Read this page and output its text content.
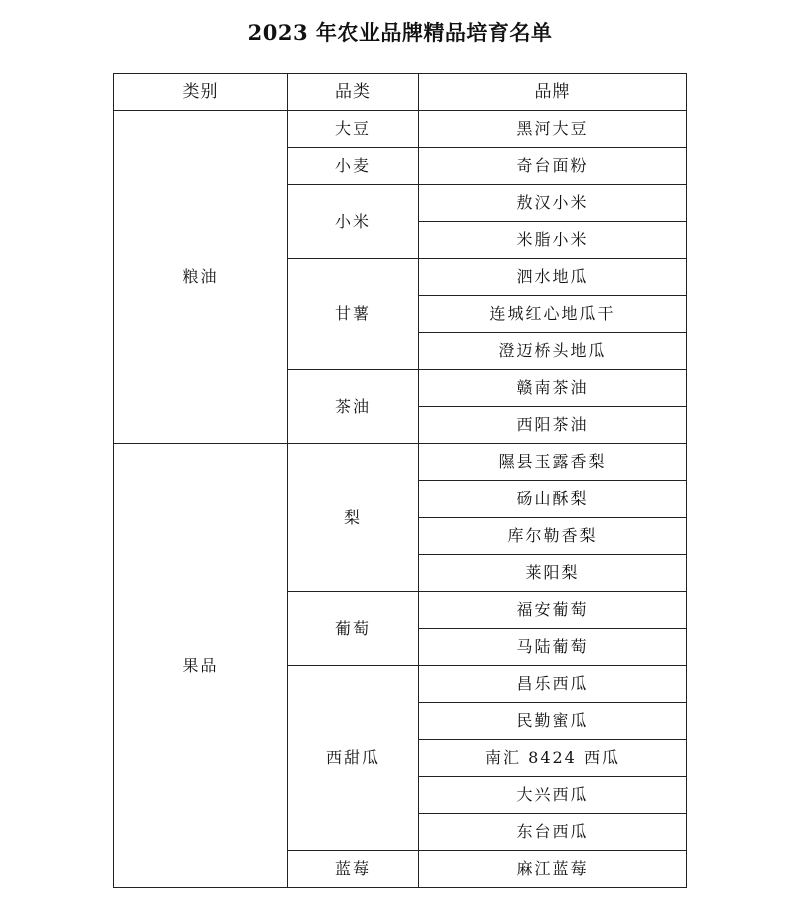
2023 年农业品牌精品培育名单
类别	品类	品牌
粮油	大豆	黑河大豆
	小麦	奇台面粉
	小米	敖汉小米
		米脂小米
	甘薯	泗水地瓜
		连城红心地瓜干
		澄迈桥头地瓜
	茶油	赣南茶油
		西阳茶油
果品	梨	隰县玉露香梨
		砀山酥梨
		库尔勒香梨
		莱阳梨
	葡萄	福安葡萄
		马陆葡萄
	西甜瓜	昌乐西瓜
		民勤蜜瓜
		南汇 8424 西瓜
		大兴西瓜
		东台西瓜
	蓝莓	麻江蓝莓
